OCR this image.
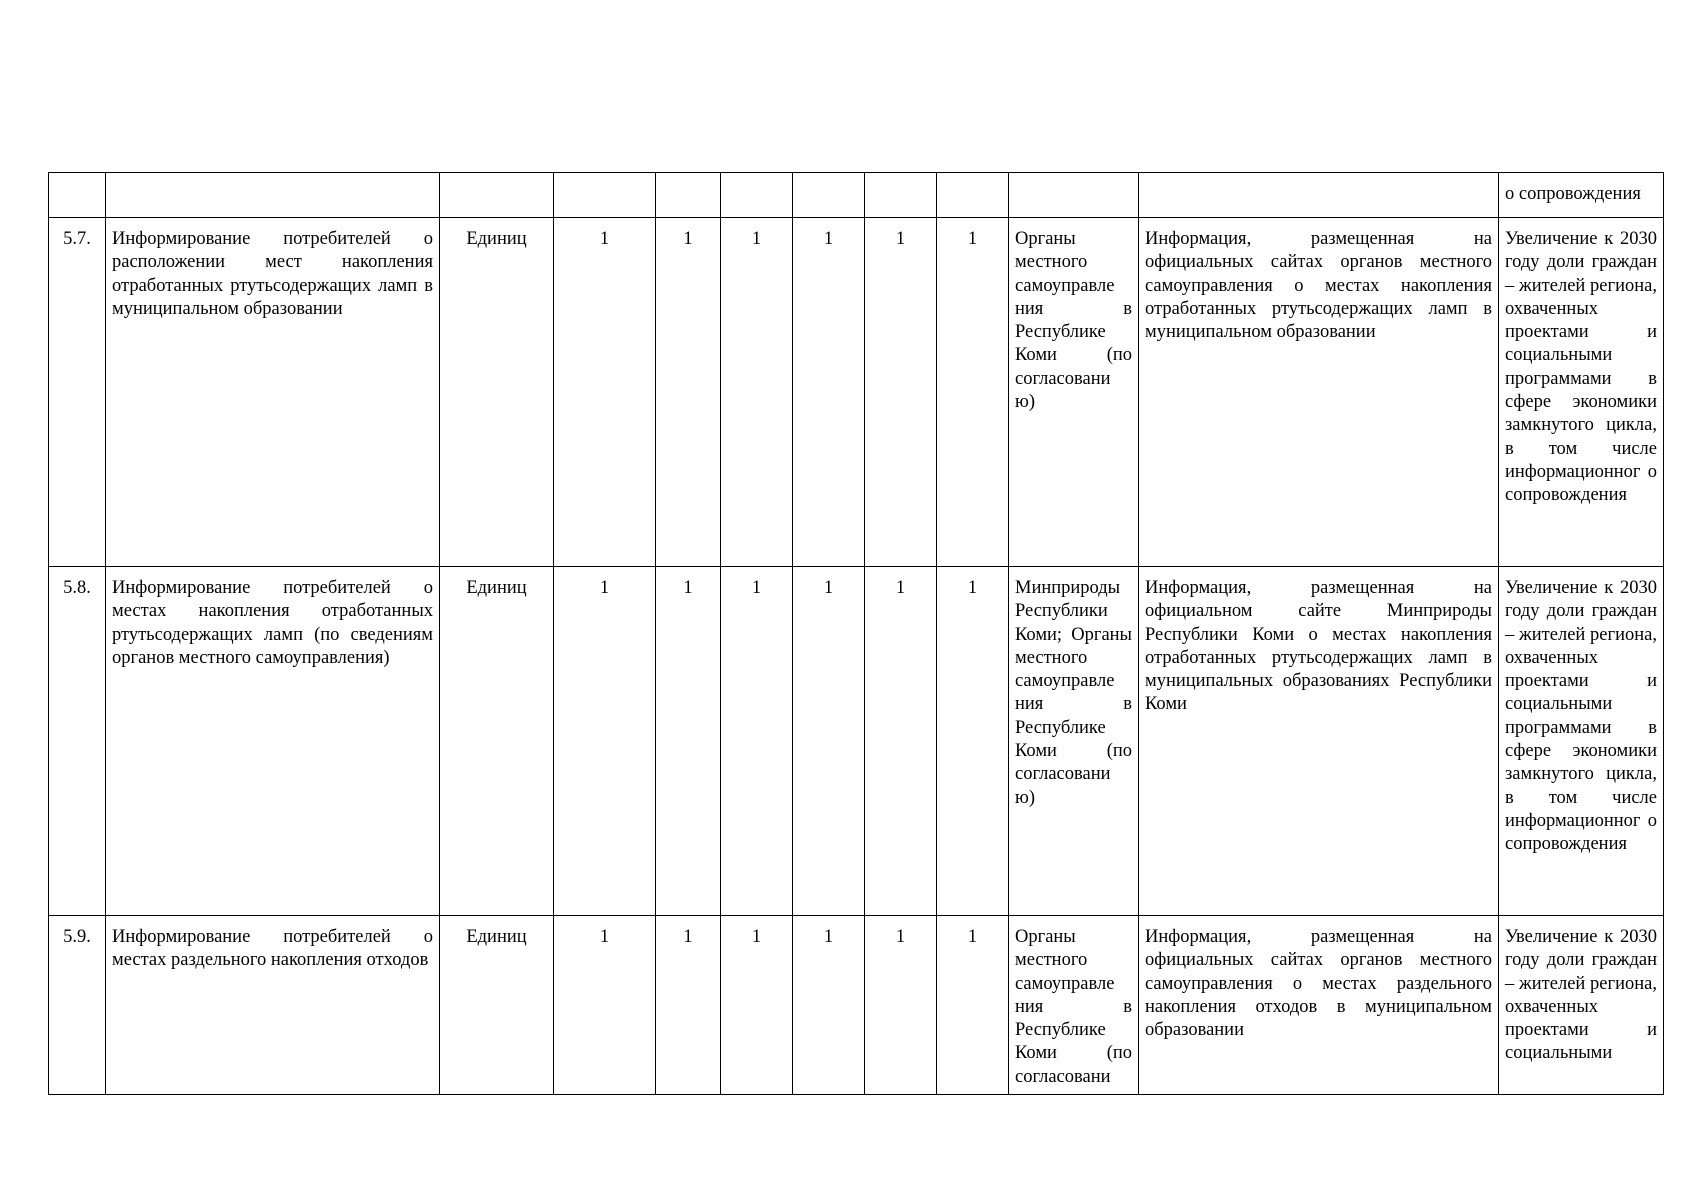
											о сопровождения

5.7.	Информирование потребителей о расположении мест накопления отработанных ртутьсодержащих ламп в муниципальном образовании	Единиц	1	1	1	1	1	1	Органы местного самоуправле ния в Республике Коми (по согласовани ю)	Информация, размещенная на официальных сайтах органов местного самоуправления о местах накопления отработанных ртутьсодержащих ламп в муниципальном образовании	Увеличение к 2030 году доли граждан – жителей региона, охваченных проектами и социальными программами в сфере экономики замкнутого цикла, в том числе информационног о сопровождения
5.8.	Информирование потребителей о местах накопления отработанных ртутьсодержащих ламп (по сведениям органов местного самоуправления)	Единиц	1	1	1	1	1	1	Минприроды Республики Коми; Органы местного самоуправле ния в Республике Коми (по согласовани ю)	Информация, размещенная на официальном сайте Минприроды Республики Коми о местах накопления отработанных ртутьсодержащих ламп в муниципальных образованиях Республики Коми	Увеличение к 2030 году доли граждан – жителей региона, охваченных проектами и социальными программами в сфере экономики замкнутого цикла, в том числе информационног о сопровождения
5.9.	Информирование потребителей о местах раздельного накопления отходов	Единиц	1	1	1	1	1	1	Органы местного самоуправле ния в Республике Коми (по согласовани	Информация, размещенная на официальных сайтах органов местного самоуправления о местах раздельного накопления отходов в муниципальном образовании	Увеличение к 2030 году доли граждан – жителей региона, охваченных проектами и социальными
